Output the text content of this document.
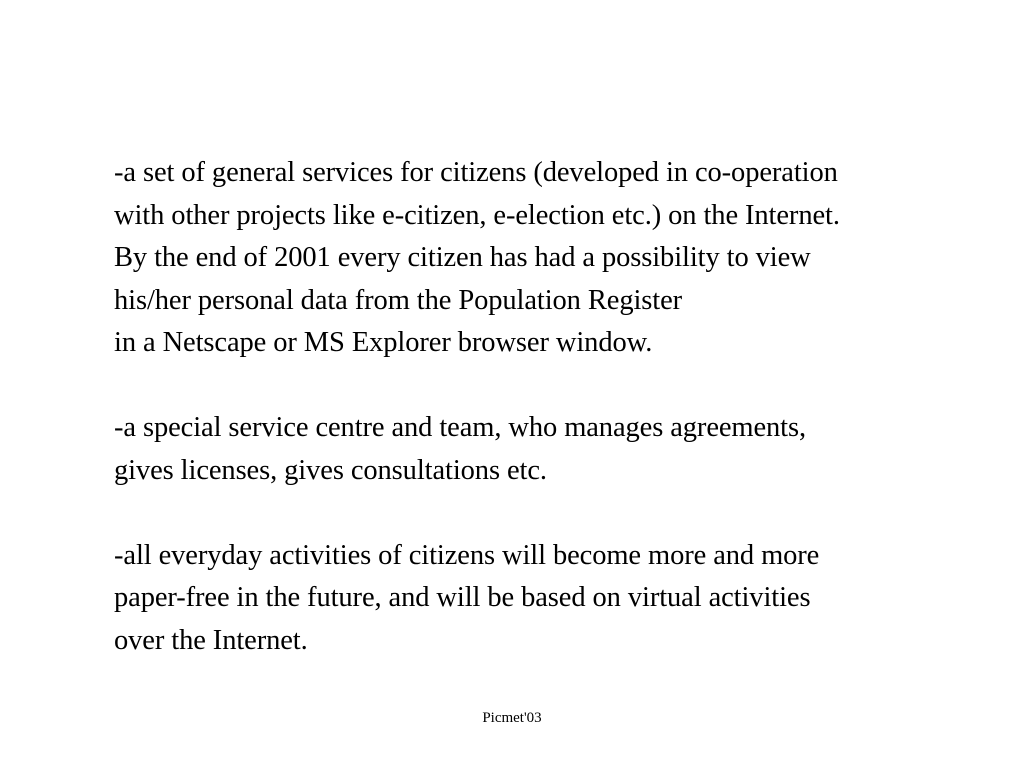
-a set of general services for citizens (developed in co-operation
with other projects like e-citizen, e-election etc.) on the Internet.
By the end of 2001 every citizen has had a possibility to view
his/her personal data from the Population Register
in a Netscape or MS Explorer browser window.

-a special service centre and team, who manages agreements,
gives licenses, gives consultations etc.

-all everyday activities of citizens will become more and more
paper-free in the future, and will be based on virtual activities
over the Internet.

Picmet'03
